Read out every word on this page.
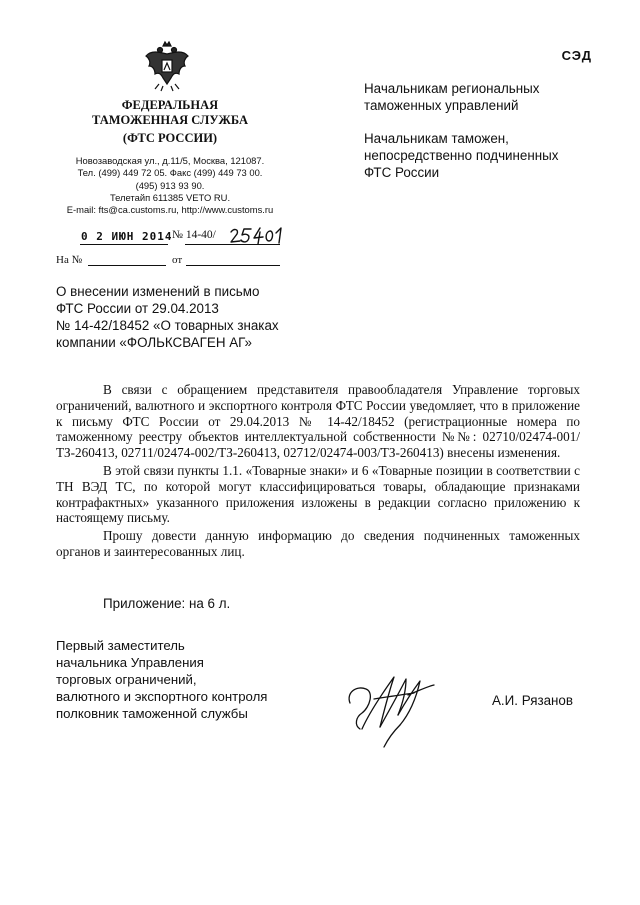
СЭД
ФЕДЕРАЛЬНАЯ
ТАМОЖЕННАЯ СЛУЖБА
(ФТС РОССИИ)
Новозаводская ул., д.11/5, Москва, 121087.
Тел. (499) 449 72 05. Факс (499) 449 73 00.
(495) 913 93 90.
Телетайп 611385 VETO RU.
E-mail: fts@ca.customs.ru, http://www.customs.ru
0 2 ИЮН 2014 № 14-40/
На №	от
Начальникам региональных
таможенных управлений
Начальникам таможен,
непосредственно подчиненных
ФТС России
О внесении изменений в письмо
ФТС России от 29.04.2013
№ 14-42/18452 «О товарных знаках
компании «ФОЛЬКСВАГЕН АГ»

В связи с обращением представителя правообладателя Управление торговых ограничений, валютного и экспортного контроля ФТС России уведомляет, что в приложение к письму ФТС России от 29.04.2013 № 14-42/18452 (регистрационные номера по таможенному реестру объектов интеллектуальной собственности №№: 02710/02474-001/ТЗ-260413, 02711/02474-002/ТЗ-260413, 02712/02474-003/ТЗ-260413) внесены изменения.

В этой связи пункты 1.1. «Товарные знаки» и 6 «Товарные позиции в соответствии с ТН ВЭД ТС, по которой могут классифицироваться товары, обладающие признаками контрафактных» указанного приложения изложены в редакции согласно приложению к настоящему письму.

Прошу довести данную информацию до сведения подчиненных таможенных органов и заинтересованных лиц.

Приложение: на 6 л.
Первый заместитель
начальника Управления
торговых ограничений,
валютного и экспортного контроля
полковник таможенной службы
А.И. Рязанов
